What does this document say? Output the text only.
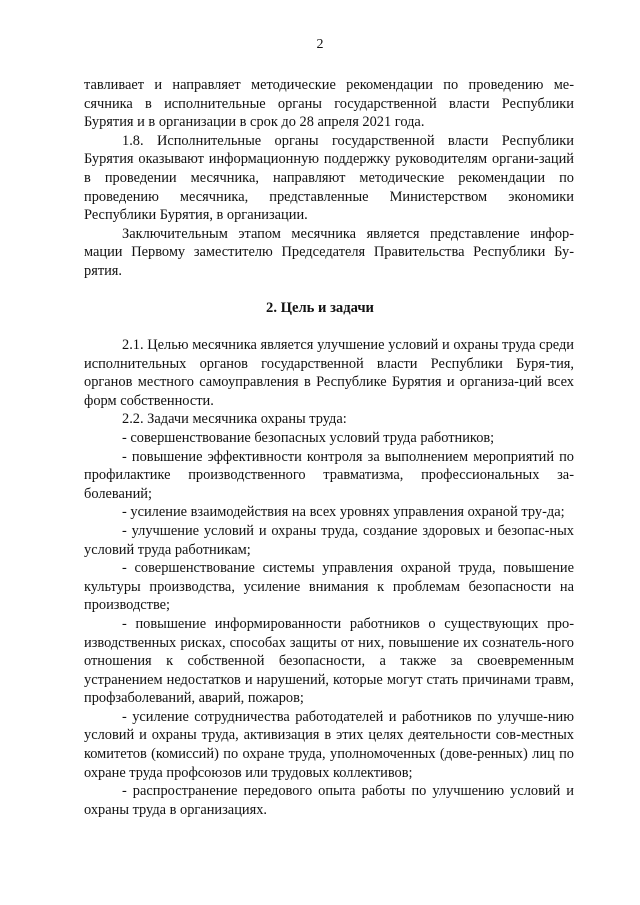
2

тавливает и направляет методические рекомендации по проведению ме-сячника в исполнительные органы государственной власти Республики Бурятия и в организации в срок до 28 апреля 2021 года.

1.8. Исполнительные органы государственной власти Республики Бурятия оказывают информационную поддержку руководителям органи-заций в проведении месячника, направляют методические рекомендации по проведению месячника, представленные Министерством экономики Республики Бурятия, в организации.

Заключительным этапом месячника является представление инфор-мации Первому заместителю Председателя Правительства Республики Бу-рятия.

2. Цель и задачи

2.1. Целью месячника является улучшение условий и охраны труда среди исполнительных органов государственной власти Республики Буря-тия, органов местного самоуправления в Республике Бурятия и организа-ций всех форм собственности.

2.2. Задачи месячника охраны труда:

- совершенствование безопасных условий труда работников;

- повышение эффективности контроля за выполнением мероприятий по профилактике производственного травматизма, профессиональных за-болеваний;

- усиление взаимодействия на всех уровнях управления охраной тру-да;

- улучшение условий и охраны труда, создание здоровых и безопас-ных условий труда работникам;

- совершенствование системы управления охраной труда, повышение культуры производства, усиление внимания к проблемам безопасности на производстве;

- повышение информированности работников о существующих про-изводственных рисках, способах защиты от них, повышение их сознатель-ного отношения к собственной безопасности, а также за своевременным устранением недостатков и нарушений, которые могут стать причинами травм, профзаболеваний, аварий, пожаров;

- усиление сотрудничества работодателей и работников по улучше-нию условий и охраны труда, активизация в этих целях деятельности сов-местных комитетов (комиссий) по охране труда, уполномоченных (дове-ренных) лиц по охране труда профсоюзов или трудовых коллективов;

- распространение передового опыта работы по улучшению условий и охраны труда в организациях.
